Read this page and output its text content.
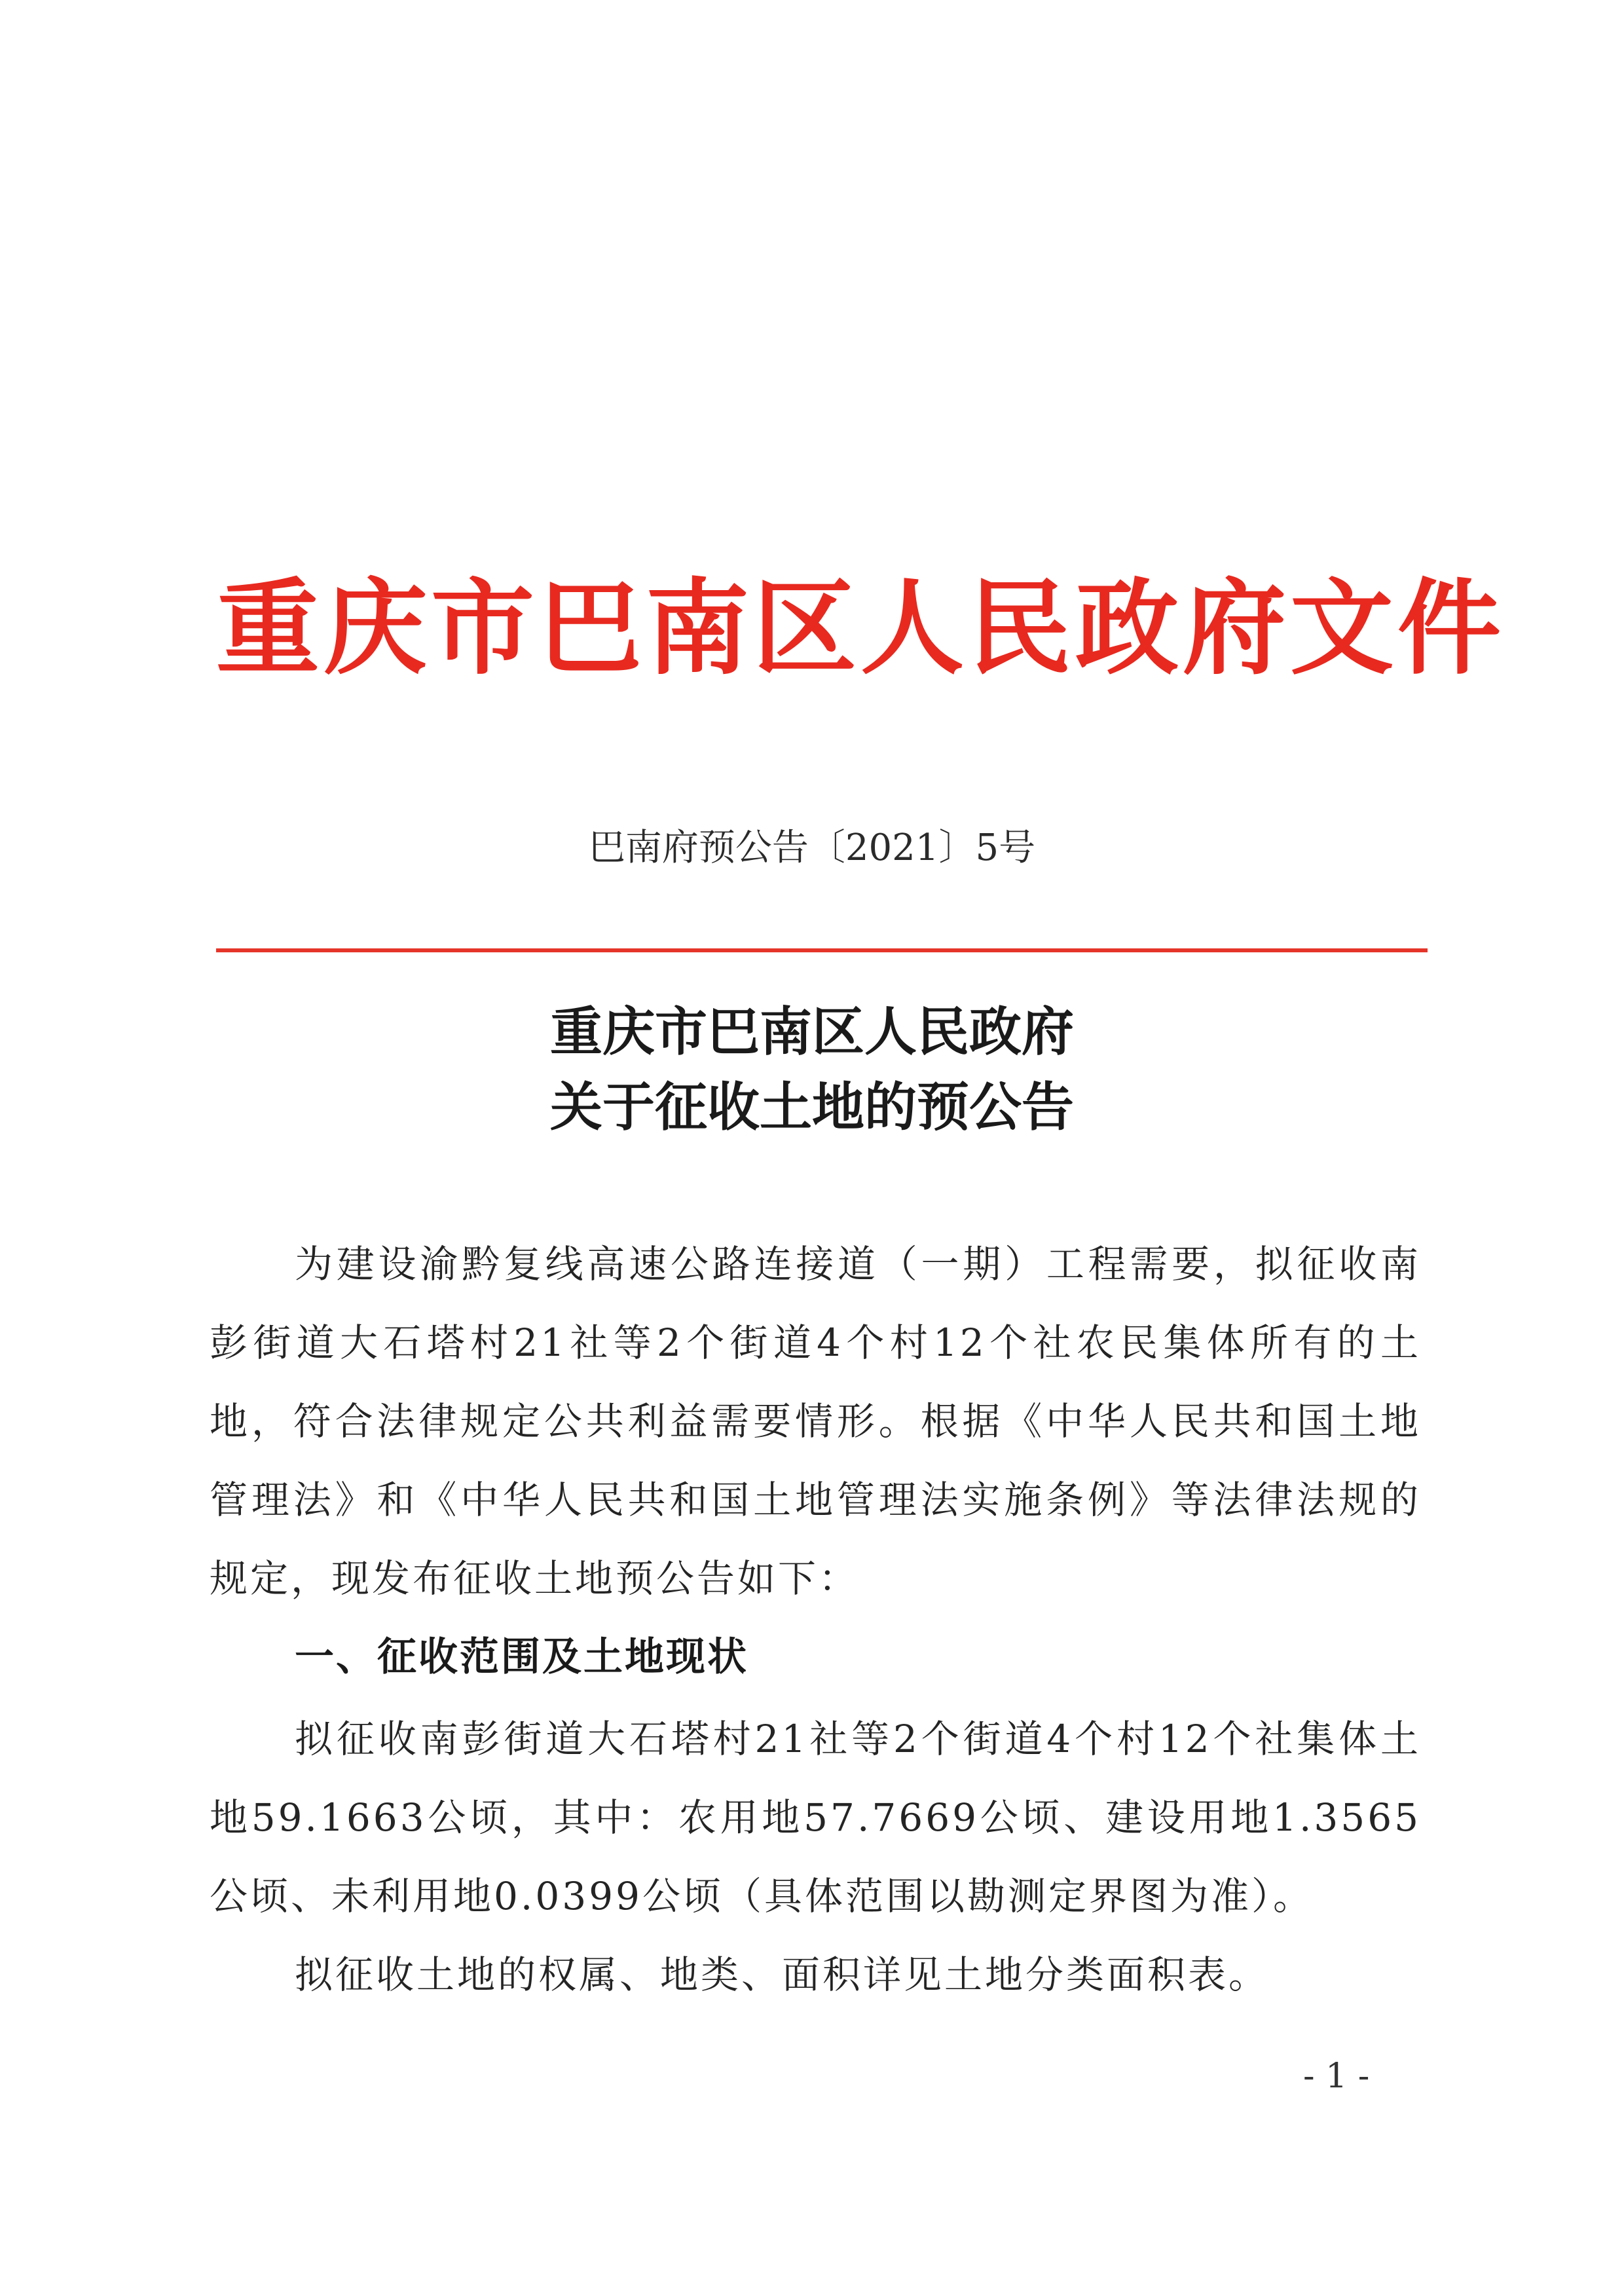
重庆市巴南区人民政府文件
巴南府预公告〔2021〕5号
重庆市巴南区人民政府
关于征收土地的预公告
为建设渝黔复线高速公路连接道（一期）工程需要，拟征收南彭街道大石塔村21社等2个街道4个村12个社农民集体所有的土地，符合法律规定公共利益需要情形。根据《中华人民共和国土地管理法》和《中华人民共和国土地管理法实施条例》等法律法规的规定，现发布征收土地预公告如下：
一、征收范围及土地现状
拟征收南彭街道大石塔村21社等2个街道4个村12个社集体土地59.1663公顷，其中：农用地57.7669公顷、建设用地1.3565公顷、未利用地0.0399公顷（具体范围以勘测定界图为准）。
拟征收土地的权属、地类、面积详见土地分类面积表。
- 1 -
